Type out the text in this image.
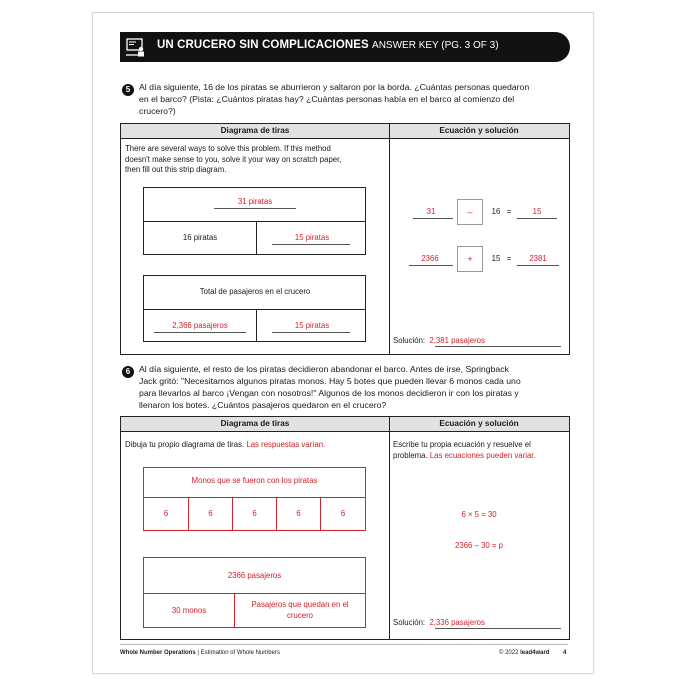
UN CRUCERO SIN COMPLICACIONES ANSWER KEY (PG. 3 OF 3)
5	Al día siguiente, 16 de los piratas se aburrieron y saltaron por la borda. ¿Cuántas personas quedaron
en el barco? (Pista: ¿Cuántos piratas hay? ¿Cuántas personas había en el barco al comienzo del
crucero?)
Diagrama de tiras	Ecuación y solución
There are several ways to solve this problem. If this method
doesn't make sense to you, solve it your way on scratch paper,
then fill out this strip diagram.
31 piratas
16 piratas	15 piratas
Total de pasajeros en el crucero
2,366 pasajeros	15 piratas
31	–	16 =	15
2366	+	15 =	2381
Solución: 2,381 pasajeros
6	Al día siguiente, el resto de los piratas decidieron abandonar el barco. Antes de irse, Springback
Jack gritó: "Necesitamos algunos piratas monos. Hay 5 botes que pueden llevar 6 monos cada uno
para llevarlos al barco ¡Vengan con nosotros!" Algunos de los monos decidieron ir con los piratas y
llenaron los botes. ¿Cuántos pasajeros quedaron en el crucero?
Diagrama de tiras	Ecuación y solución
Dibuja tu propio diagrama de tiras. Las respuestas varían.
Monos que se fueron con los piratas
6	6	6	6	6
2366 pasajeros
30 monos
Pasajeros que quedan en el
crucero
Escribe tu propia ecuación y resuelve el
problema. Las ecuaciones pueden variar.
6 × 5 = 30
2366 – 30 = p
Solución: 2,336 pasajeros
Whole Number Operations | Estimation of Whole Numbers	© 2022 lead4ward 4
